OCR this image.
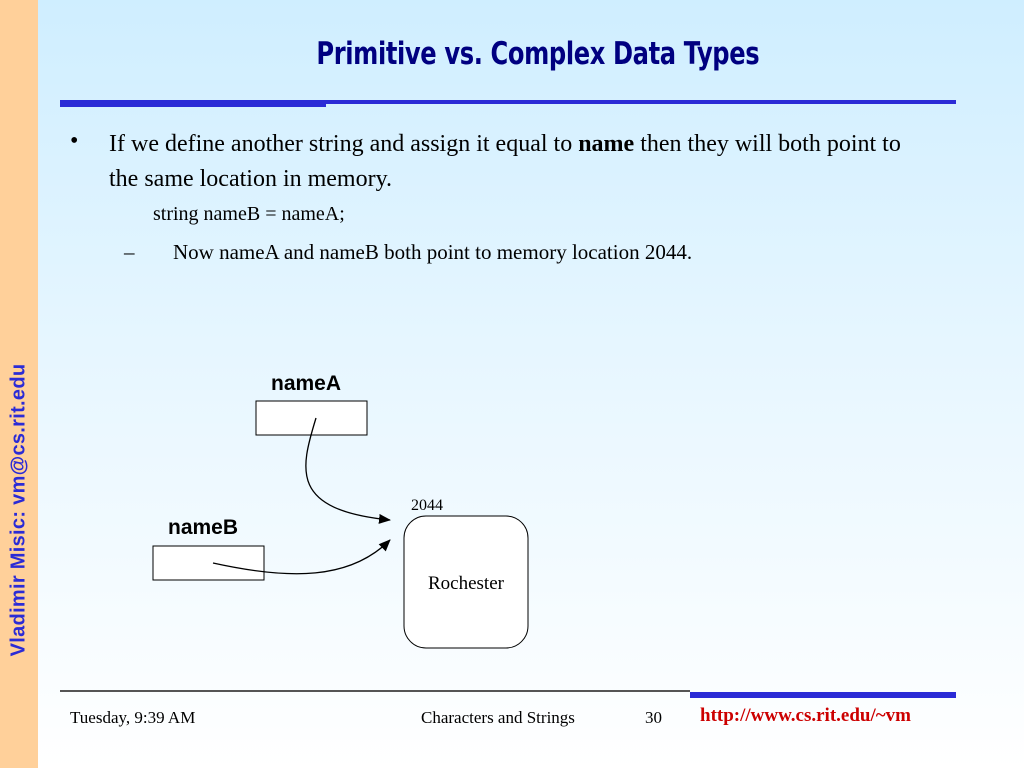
Vladimir Misic: vm@cs.rit.edu
Primitive vs. Complex Data Types
• If we define another string and assign it equal to name then they will both point to the same location in memory.
string nameB = nameA;
– Now nameA and nameB both point to memory location 2044.
nameA
nameB
2044
Rochester
Tuesday, 9:39 AM	Characters and Strings	30 http://www.cs.rit.edu/~vm
